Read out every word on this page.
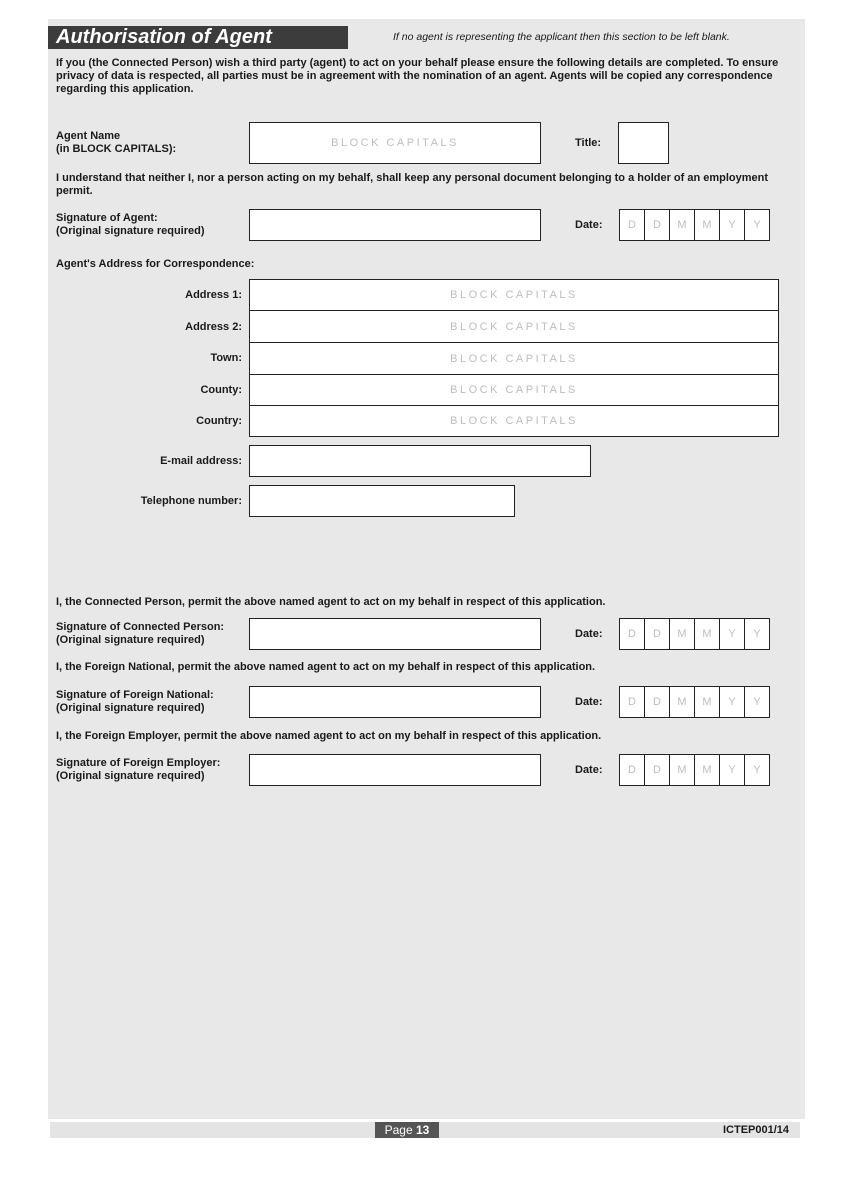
Authorisation of Agent	If no agent is representing the applicant then this section to be left blank.
If you (the Connected Person) wish a third party (agent) to act on your behalf please ensure the following details are completed. To ensure privacy of data is respected, all parties must be in agreement with the nomination of an agent. Agents will be copied any correspondence regarding this application.
Agent Name
(in BLOCK CAPITALS):	BLOCK CAPITALS	Title:
I understand that neither I, nor a person acting on my behalf, shall keep any personal document belonging to a holder of an employment permit.
Signature of Agent:
(Original signature required)	Date:	D	D	M	M	Y	Y
Agent's Address for Correspondence:
Address 1:	BLOCK CAPITALS
Address 2:	BLOCK CAPITALS
Town:	BLOCK CAPITALS
County:	BLOCK CAPITALS
Country:	BLOCK CAPITALS
E-mail address:
Telephone number:
I, the Connected Person, permit the above named agent to act on my behalf in respect of this application.
Signature of Connected Person:
(Original signature required)	Date:	D	D	M	M	Y	Y
I, the Foreign National, permit the above named agent to act on my behalf in respect of this application.
Signature of Foreign National:
(Original signature required)	Date:	D	D	M	M	Y	Y
I, the Foreign Employer, permit the above named agent to act on my behalf in respect of this application.
Signature of Foreign Employer:
(Original signature required)	Date:	D	D	M	M	Y	Y
Page 13	ICTEP001/14
